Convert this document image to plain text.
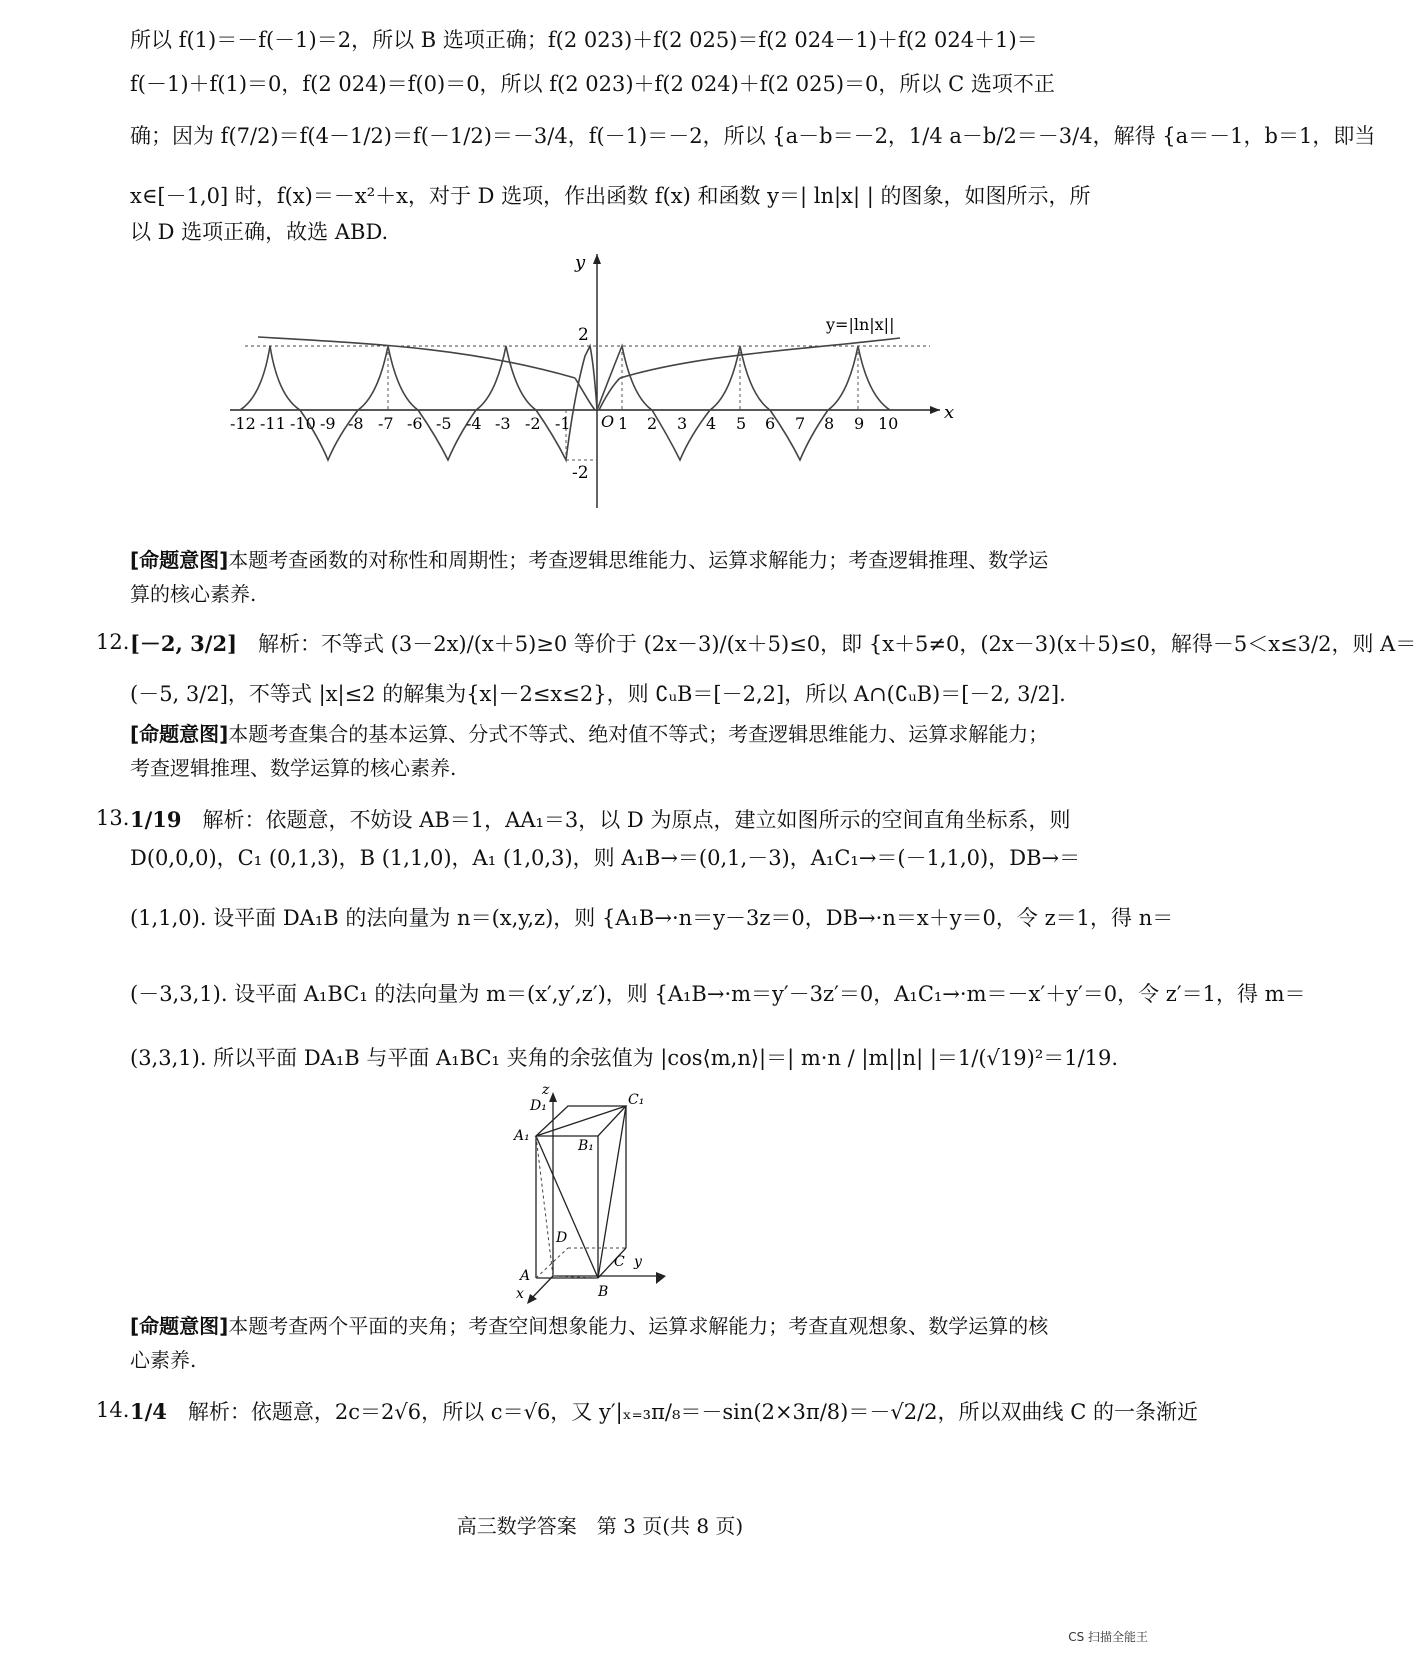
所以 f(1)＝－f(－1)＝2，所以 B 选项正确；f(2 023)＋f(2 025)＝f(2 024－1)＋f(2 024＋1)＝
f(－1)＋f(1)＝0，f(2 024)＝f(0)＝0，所以 f(2 023)＋f(2 024)＋f(2 025)＝0，所以 C 选项不正
确；因为 f(7/2)＝f(4－1/2)＝f(－1/2)＝－3/4，f(－1)＝－2，所以 {a－b＝－2，1/4 a－b/2＝－3/4，解得 {a＝－1，b＝1，即当
x∈[－1,0] 时，f(x)＝－x²＋x，对于 D 选项，作出函数 f(x) 和函数 y＝| ln|x| | 的图象，如图所示，所
以 D 选项正确，故选 ABD.
y
x
y=|ln|x||
2
-2
O
-12 -11 -10 -9 -8 -7 -6 -5 -4 -3 -2 -1	1 2 3 4 5 6 7 8 9 10
[命题意图]本题考查函数的对称性和周期性；考查逻辑思维能力、运算求解能力；考查逻辑推理、数学运
算的核心素养.
12. [－2, 3/2]　 解析：不等式 (3－2x)/(x＋5)≥0 等价于 (2x－3)/(x＋5)≤0，即 {x＋5≠0，(2x－3)(x＋5)≤0，解得－5＜x≤3/2，则 A＝
(－5, 3/2]，不等式 |x|≤2 的解集为{x|－2≤x≤2}，则 ∁ᵤB＝[－2,2]，所以 A∩(∁ᵤB)＝[－2, 3/2].
[命题意图]本题考查集合的基本运算、分式不等式、绝对值不等式；考查逻辑思维能力、运算求解能力；
考查逻辑推理、数学运算的核心素养.
13. 1/19　 解析：依题意，不妨设 AB＝1，AA₁＝3，以 D 为原点，建立如图所示的空间直角坐标系，则
D(0,0,0)，C₁ (0,1,3)，B (1,1,0)，A₁ (1,0,3)，则 A₁B→＝(0,1,－3)，A₁C₁→＝(－1,1,0)，DB→＝
(1,1,0). 设平面 DA₁B 的法向量为 n＝(x,y,z)，则 {A₁B→·n＝y－3z＝0，DB→·n＝x＋y＝0，令 z＝1，得 n＝
(－3,3,1). 设平面 A₁BC₁ 的法向量为 m＝(x′,y′,z′)，则 {A₁B→·m＝y′－3z′＝0，A₁C₁→·m＝－x′＋y′＝0，令 z′＝1，得 m＝
(3,3,1). 所以平面 DA₁B 与平面 A₁BC₁ 夹角的余弦值为 |cos⟨m,n⟩|＝| m·n / |m||n| |＝1/(√19)²＝1/19.
z
D₁	C₁
A₁
B₁
D
C y
A
x	B
[命题意图]本题考查两个平面的夹角；考查空间想象能力、运算求解能力；考查直观想象、数学运算的核
心素养.
14. 1/4　 解析：依题意，2c＝2√6，所以 c＝√6，又 y′|ₓ₌₃π/₈＝－sin(2×3π/8)＝－√2/2，所以双曲线 C 的一条渐近
高三数学答案　第 3 页(共 8 页)
CS 扫描全能王
